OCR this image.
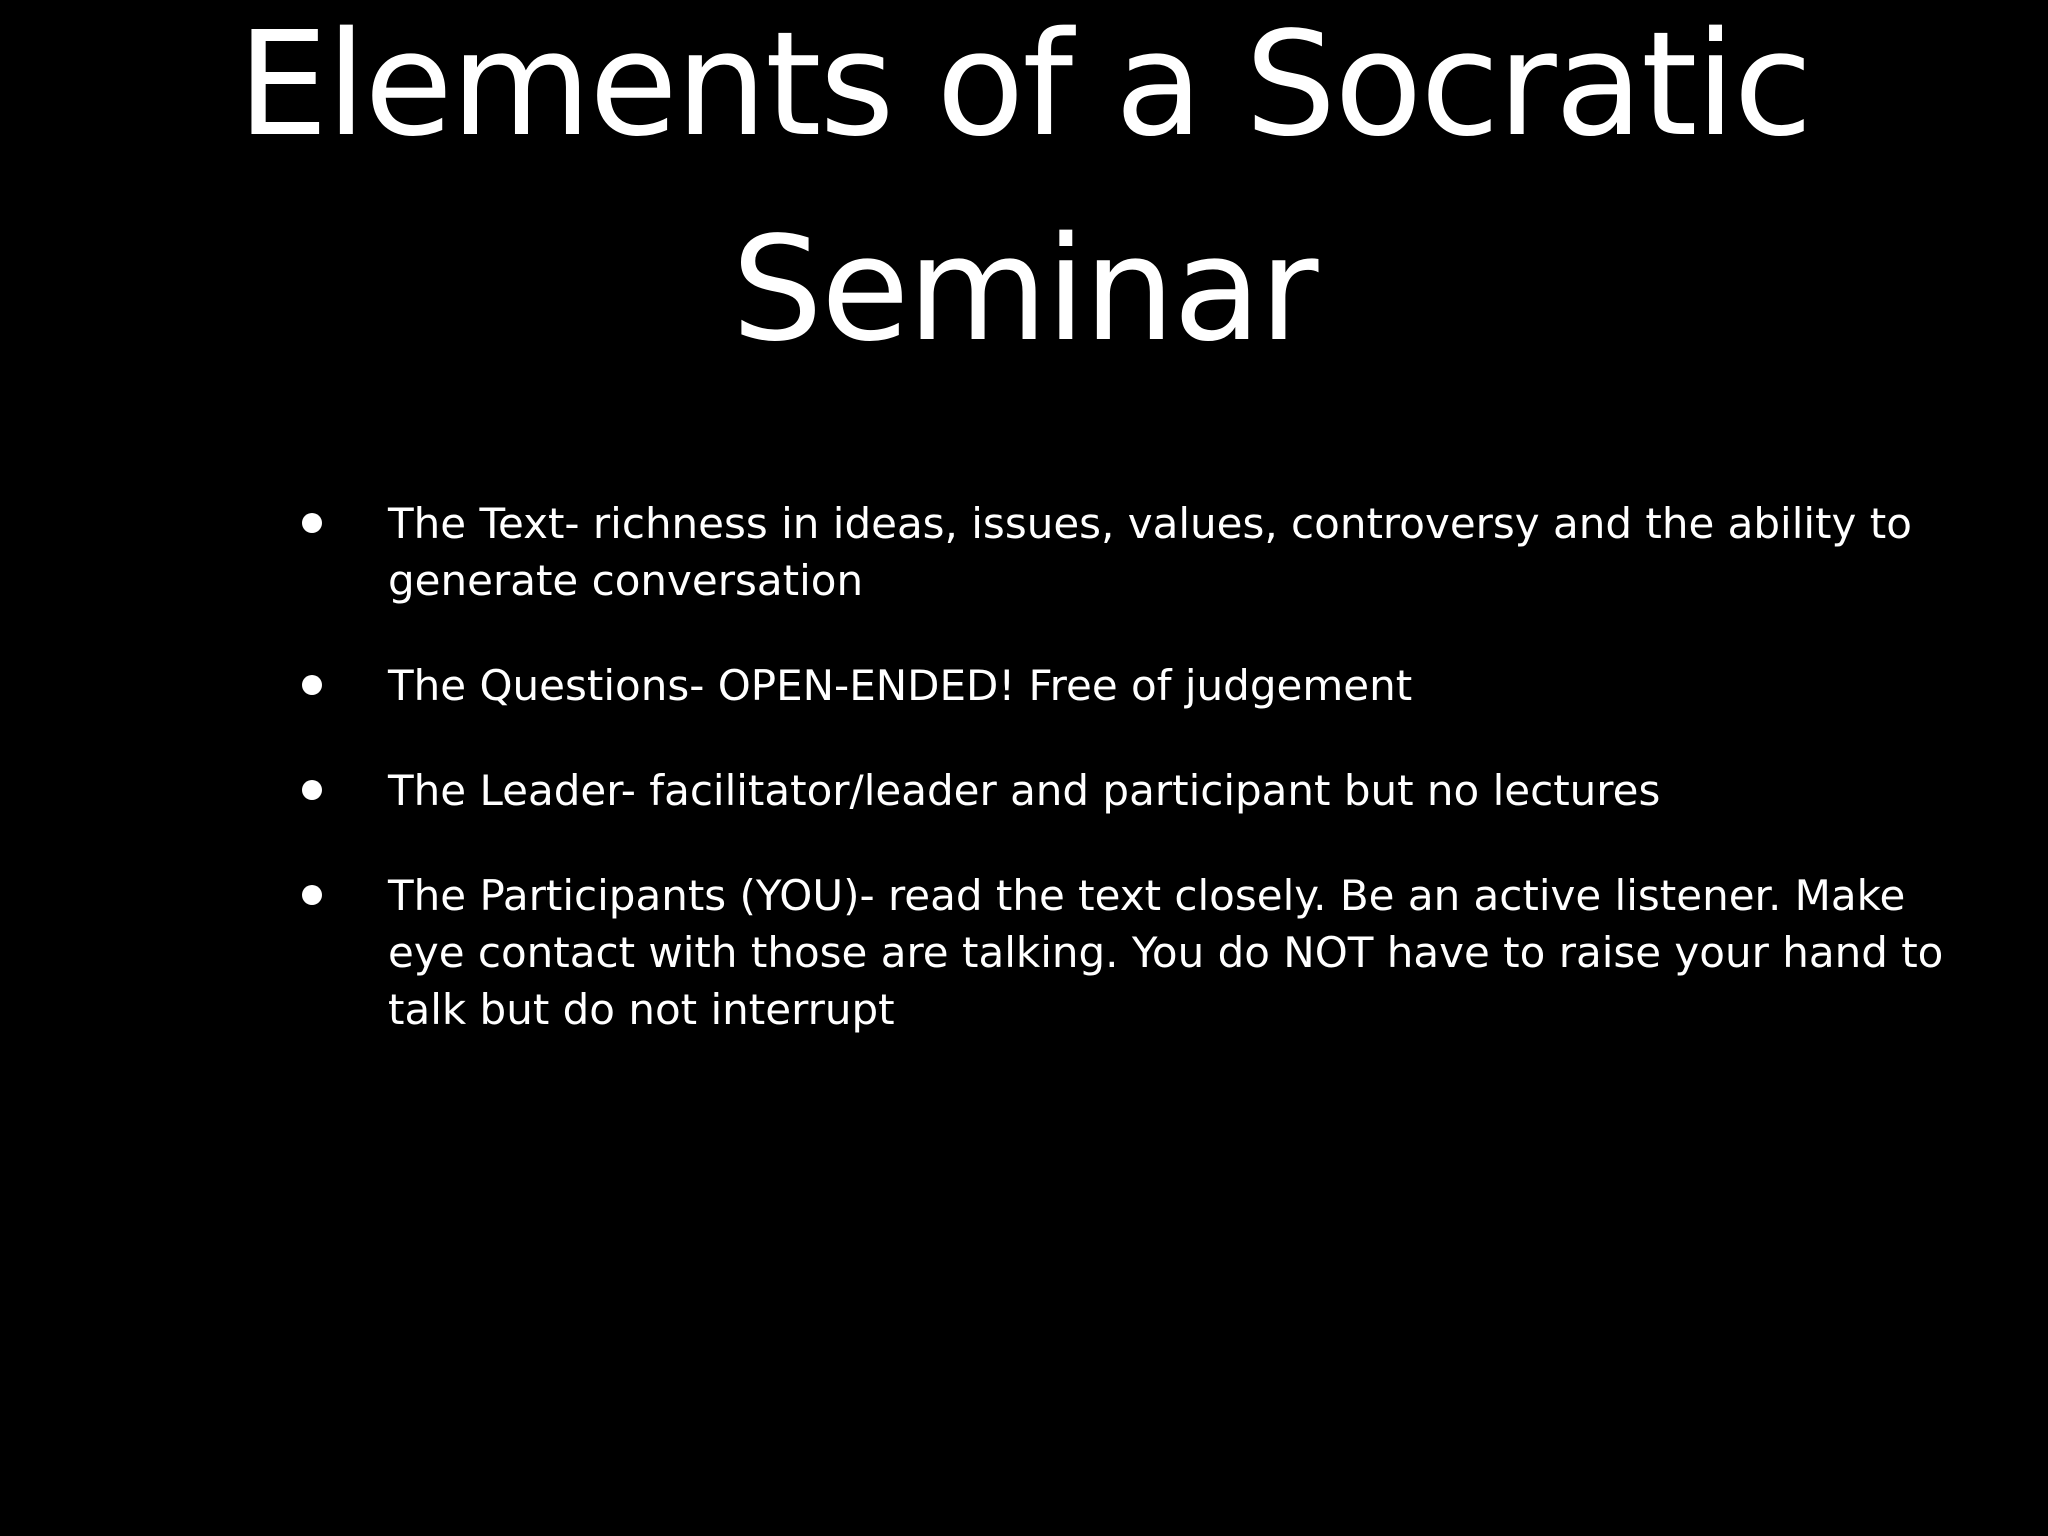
Elements of a Socratic
Seminar
The Text- richness in ideas, issues, values, controversy and the ability to generate conversation
The Questions- OPEN-ENDED! Free of judgement
The Leader- facilitator/leader and participant but no lectures
The Participants (YOU)- read the text closely. Be an active listener. Make eye contact with those are talking. You do NOT have to raise your hand to talk but do not interrupt
